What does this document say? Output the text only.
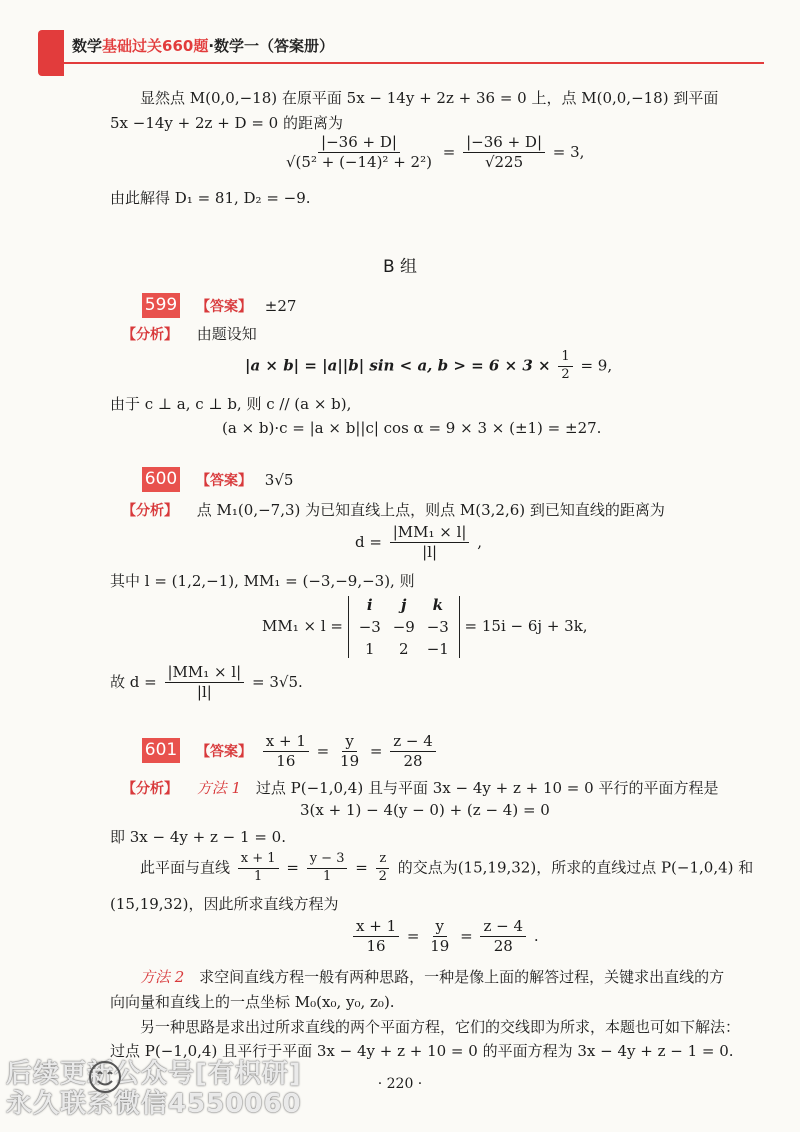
数学基础过关660题·数学一（答案册）
显然点 M(0,0,−18) 在原平面 5x − 14y + 2z + 36 = 0 上，点 M(0,0,−18) 到平面
5x −14y + 2z + D = 0 的距离为
$\frac{|-36 + D|}{\text{√(5² + (−14)² + 2²)}} = \frac{|-36 + D|}{√225} = 3$,
由此解得 D₁ = 81, D₂ = −9.
B 组
599 【答案】 ±27
【分析】 由题设知
|a × b| = |a||b| sin < a, b > = $6 \times 3 \times \frac{1}{2} = 9$,
由于 c ⊥ a, c ⊥ b, 则 c // (a × b),
(a × b)·c = |a × b||c| cos α = 9 × 3 × (±1) = ±27.
600 【答案】 3√5
【分析】 点 M₁(0,−7,3) 为已知直线上点，则点 M(3,2,6) 到已知直线的距离为
$d = \frac{\text{|MM₁ × l|}}{|l|}$ ,
其中 l = (1,2,−1), MM₁ = (−3,−9,−3), 则
MM₁ × l =
i	j	k
−3 −9 −3
1	2	−1
= 15i − 6j + 3k,
故 $d = \frac{\text{|MM₁ × l|}}{|l|} = 3√5$.
601 【答案】 $\frac{x + 1}{16} = \frac{y}{19} = \frac{z - 4}{28}$
【分析】 方法 1 过点 P(−1,0,4) 且与平面 3x − 4y + z + 10 = 0 平行的平面方程是
3(x + 1) − 4(y − 0) + (z − 4) = 0
即 3x − 4y + z − 1 = 0.
此平面与直线 $\frac{x + 1}{1} = \frac{y - 3}{1} = \frac{z}{2}$ 的交点为(15,19,32)，所求的直线过点 P(−1,0,4) 和
(15,19,32)，因此所求直线方程为
$\frac{x + 1}{16} = \frac{y}{19} = \frac{z - 4}{28}$ .
方法 2 求空间直线方程一般有两种思路，一种是像上面的解答过程，关键求出直线的方
向向量和直线上的一点坐标 M₀(x₀, y₀, z₀).
另一种思路是求出过所求直线的两个平面方程，它们的交线即为所求，本题也可如下解法：
过点 P(−1,0,4) 且平行于平面 3x − 4y + z + 10 = 0 的平面方程为 3x − 4y + z − 1 = 0.
· 220 ·
后续更新公众号[有枳研]
永久联系微信4550060
